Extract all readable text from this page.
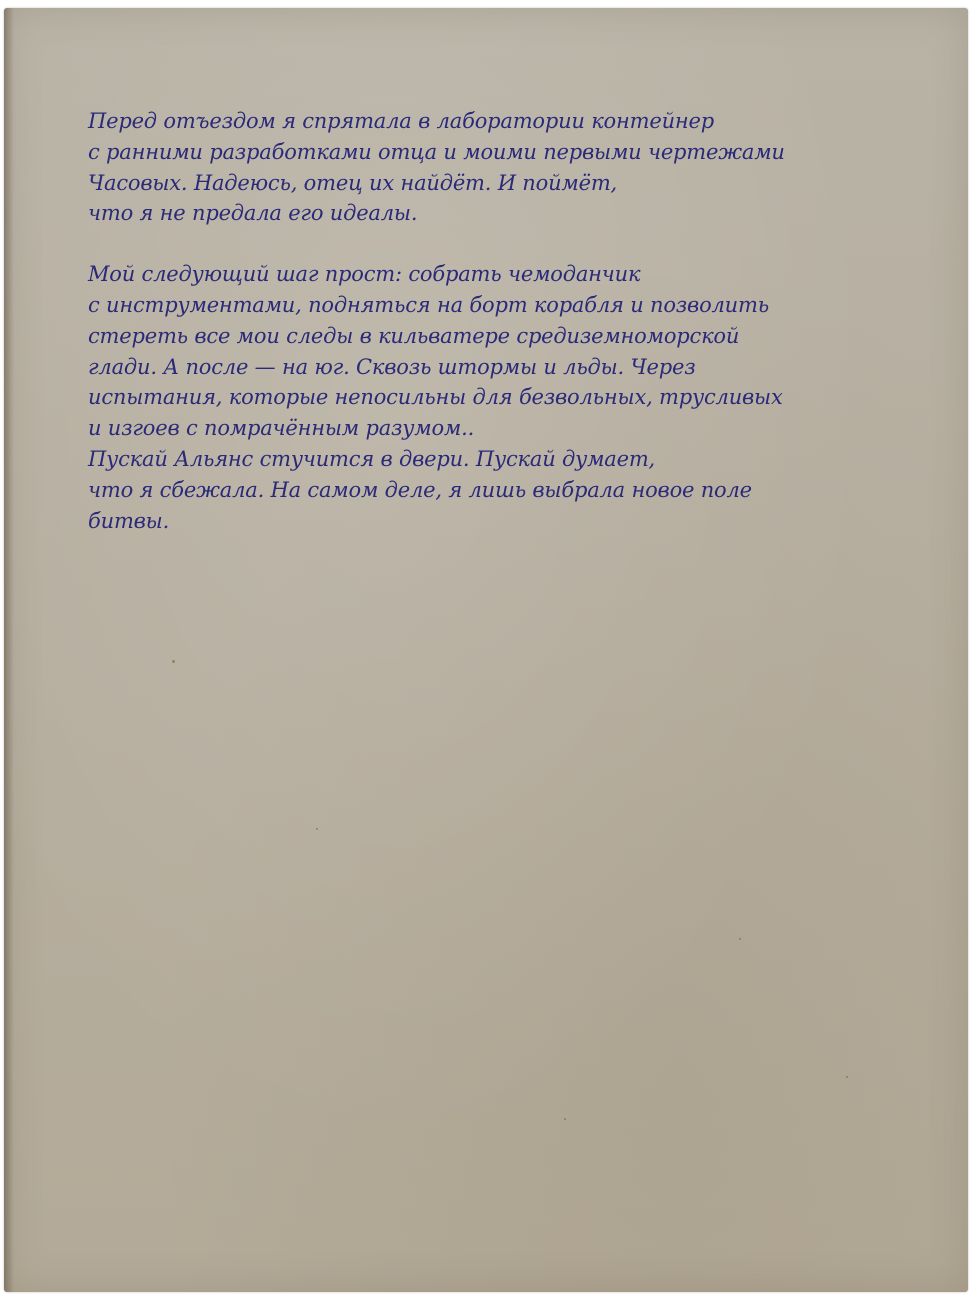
Перед отъездом я спрятала в лаборатории контейнер
с ранними разработками отца и моими первыми чертежами
Часовых. Надеюсь, отец их найдёт. И поймёт,
что я не предала его идеалы.

Мой следующий шаг прост: собрать чемоданчик
с инструментами, подняться на борт корабля и позволить
стереть все мои следы в кильватере средиземноморской
глади. А после — на юг. Сквозь штормы и льды. Через
испытания, которые непосильны для безвольных, трусливых
и изгоев с помрачённым разумом..
Пускай Альянс стучится в двери. Пускай думает,
что я сбежала. На самом деле, я лишь выбрала новое поле
битвы.
